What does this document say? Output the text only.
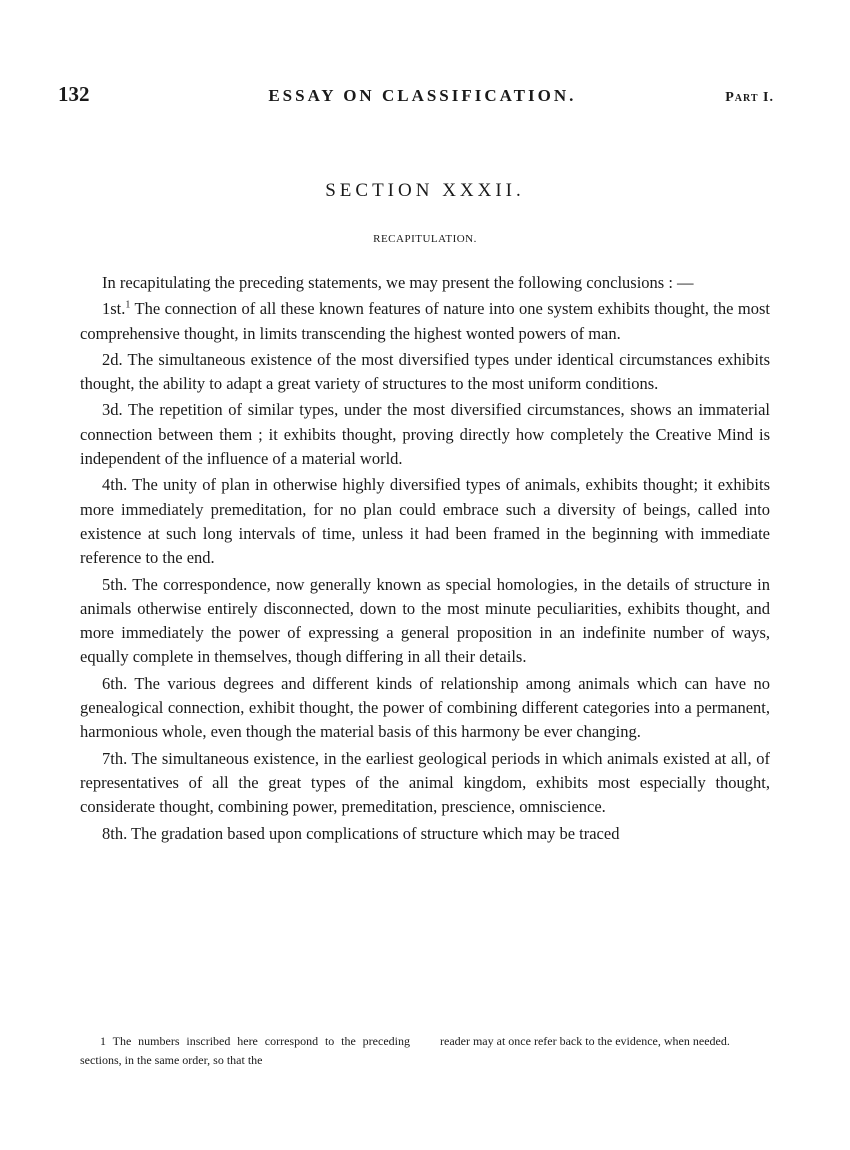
132	ESSAY ON CLASSIFICATION.	Part I.
SECTION XXXII.
RECAPITULATION.

In recapitulating the preceding statements, we may present the following conclusions : —

1st.$^1$ The connection of all these known features of nature into one system exhibits thought, the most comprehensive thought, in limits transcending the highest wonted powers of man.

2d. The simultaneous existence of the most diversified types under identical circumstances exhibits thought, the ability to adapt a great variety of structures to the most uniform conditions.

3d. The repetition of similar types, under the most diversified circumstances, shows an immaterial connection between them ; it exhibits thought, proving directly how completely the Creative Mind is independent of the influence of a material world.

4th. The unity of plan in otherwise highly diversified types of animals, exhibits thought; it exhibits more immediately premeditation, for no plan could embrace such a diversity of beings, called into existence at such long intervals of time, unless it had been framed in the beginning with immediate reference to the end.

5th. The correspondence, now generally known as special homologies, in the details of structure in animals otherwise entirely disconnected, down to the most minute peculiarities, exhibits thought, and more immediately the power of expressing a general proposition in an indefinite number of ways, equally complete in themselves, though differing in all their details.

6th. The various degrees and different kinds of relationship among animals which can have no genealogical connection, exhibit thought, the power of combining different categories into a permanent, harmonious whole, even though the material basis of this harmony be ever changing.

7th. The simultaneous existence, in the earliest geological periods in which animals existed at all, of representatives of all the great types of the animal kingdom, exhibits most especially thought, considerate thought, combining power, premeditation, prescience, omniscience.

8th. The gradation based upon complications of structure which may be traced

1 The numbers inscribed here correspond to the preceding sections, in the same order, so that the
reader may at once refer back to the evidence, when needed.
